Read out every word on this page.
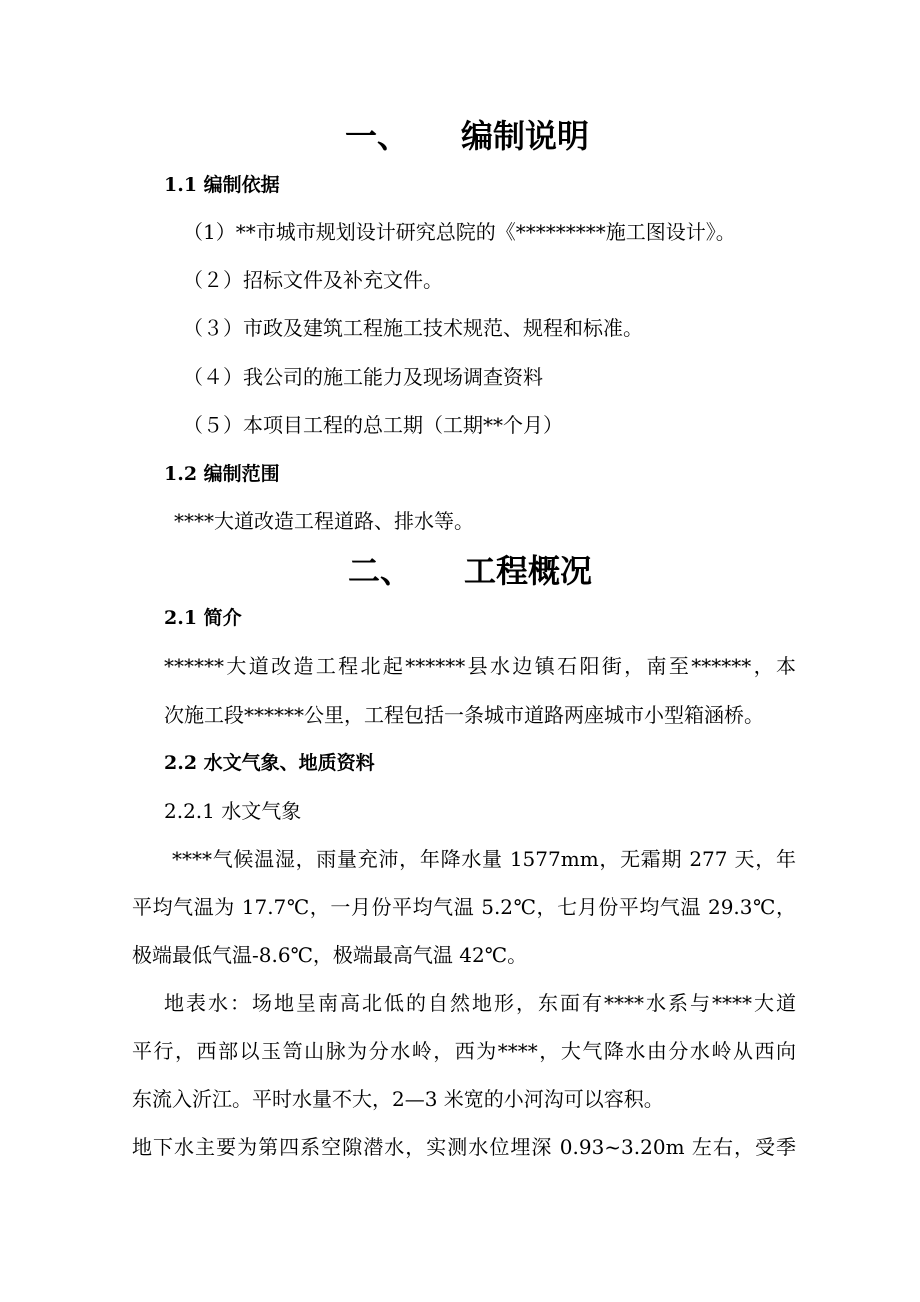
一、 编制说明
1.1 编制依据
（1）**市城市规划设计研究总院的《*********施工图设计》。
（２）招标文件及补充文件。
（３）市政及建筑工程施工技术规范、规程和标准。
（４）我公司的施工能力及现场调查资料
（５）本项目工程的总工期（工期**个月）
1.2 编制范围
****大道改造工程道路、排水等。
二、 工程概况
2.1 简介
******大道改造工程北起******县水边镇石阳街，南至******，本
次施工段******公里，工程包括一条城市道路两座城市小型箱涵桥。
2.2 水文气象、地质资料
2.2.1 水文气象
****气候温湿，雨量充沛，年降水量 1577mm，无霜期 277 天，年
平均气温为 17.7℃，一月份平均气温 5.2℃，七月份平均气温 29.3℃，
极端最低气温-8.6℃，极端最高气温 42℃。
地表水：场地呈南高北低的自然地形，东面有****水系与****大道
平行，西部以玉笥山脉为分水岭，西为****，大气降水由分水岭从西向
东流入沂江。平时水量不大，2—3 米宽的小河沟可以容积。
地下水主要为第四系空隙潜水，实测水位埋深 0.93~3.20m 左右，受季
